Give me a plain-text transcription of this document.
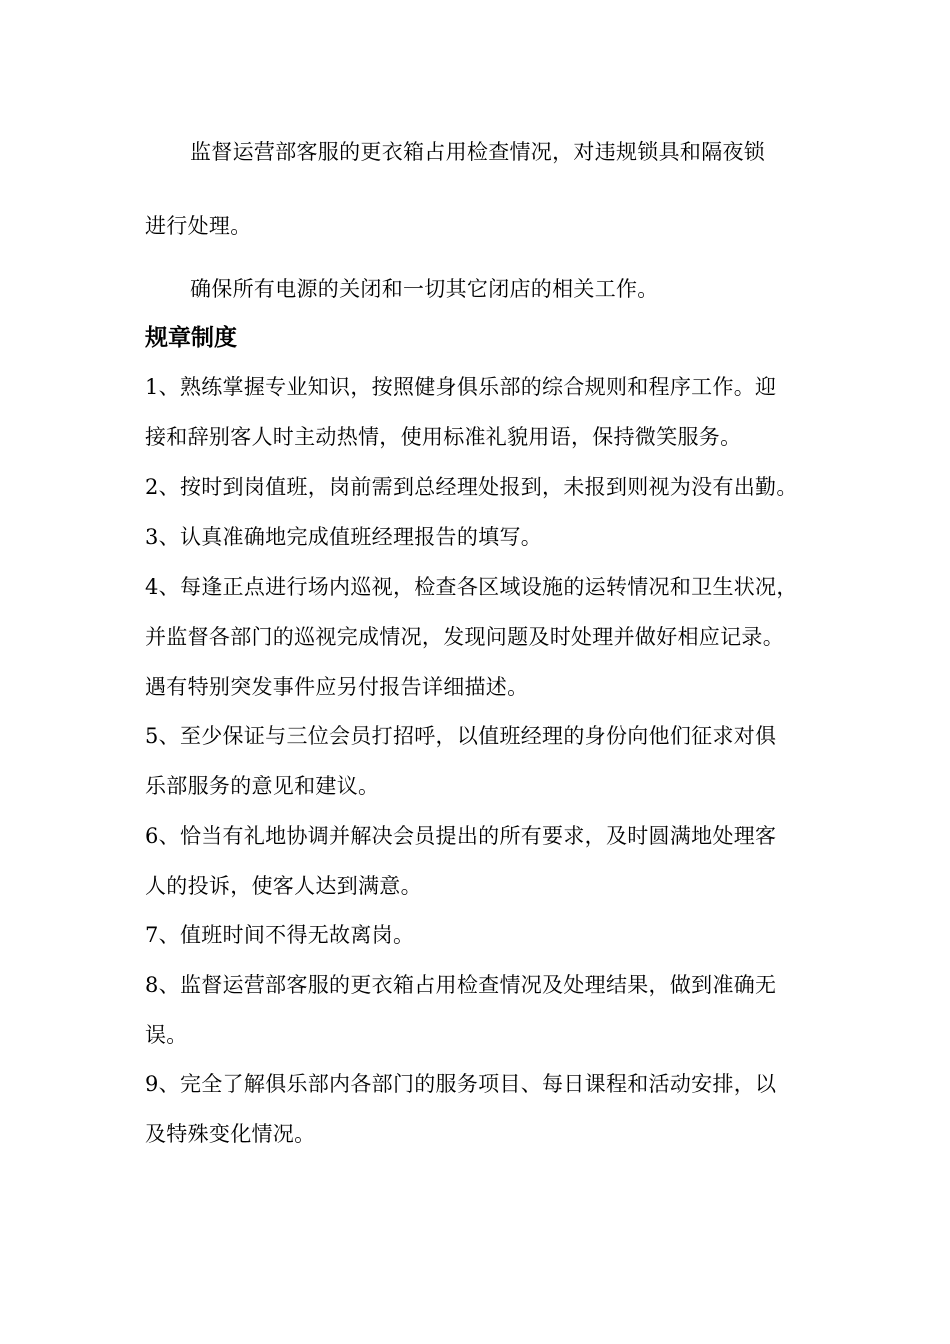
监督运营部客服的更衣箱占用检查情况，对违规锁具和隔夜锁
进行处理。
确保所有电源的关闭和一切其它闭店的相关工作。
规章制度
1、熟练掌握专业知识，按照健身俱乐部的综合规则和程序工作。迎
接和辞别客人时主动热情，使用标准礼貌用语，保持微笑服务。
2、按时到岗值班，岗前需到总经理处报到，未报到则视为没有出勤。
3、认真准确地完成值班经理报告的填写。
4、每逢正点进行场内巡视，检查各区域设施的运转情况和卫生状况，
并监督各部门的巡视完成情况，发现问题及时处理并做好相应记录。
遇有特别突发事件应另付报告详细描述。
5、至少保证与三位会员打招呼，以值班经理的身份向他们征求对俱
乐部服务的意见和建议。
6、恰当有礼地协调并解决会员提出的所有要求，及时圆满地处理客
人的投诉，使客人达到满意。
7、值班时间不得无故离岗。
8、监督运营部客服的更衣箱占用检查情况及处理结果，做到准确无
误。
9、完全了解俱乐部内各部门的服务项目、每日课程和活动安排，以
及特殊变化情况。
